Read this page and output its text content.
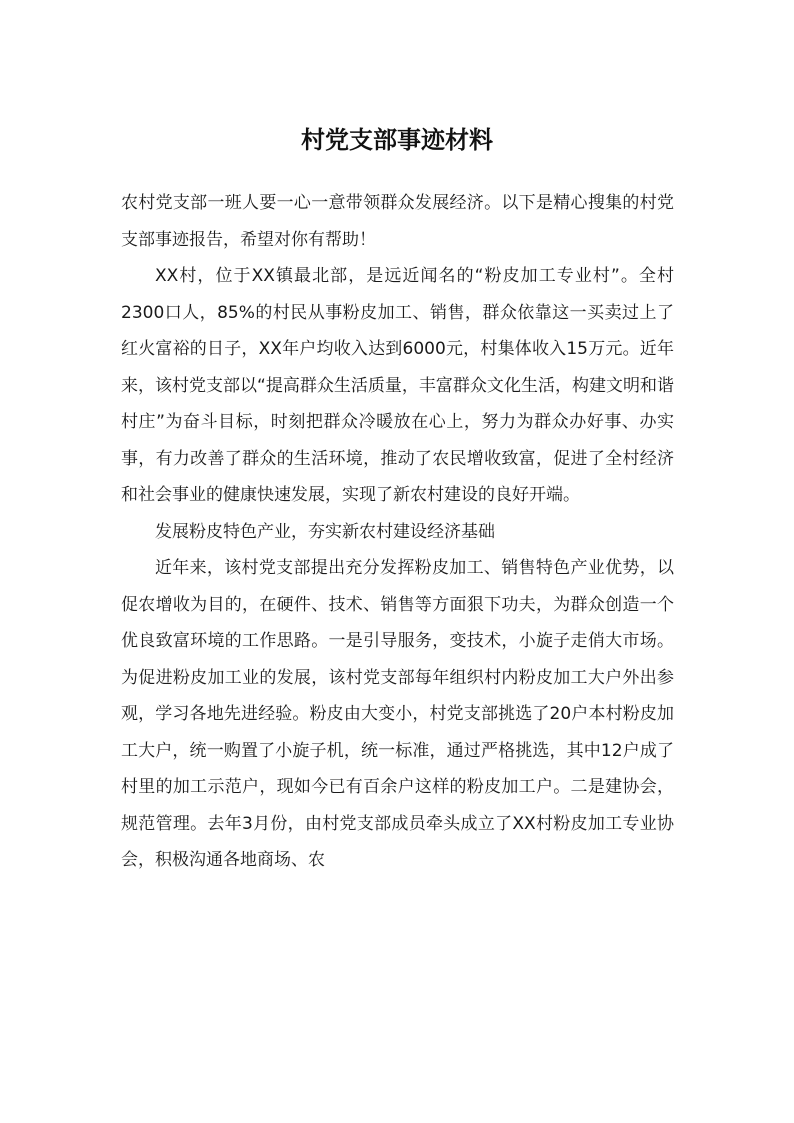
村党支部事迹材料

农村党支部一班人要一心一意带领群众发展经济。以下是精心搜集的村党支部事迹报告，希望对你有帮助！

XX村，位于XX镇最北部，是远近闻名的“粉皮加工专业村”。全村2300口人，85%的村民从事粉皮加工、销售，群众依靠这一买卖过上了红火富裕的日子，XX年户均收入达到6000元，村集体收入15万元。近年来，该村党支部以“提高群众生活质量，丰富群众文化生活，构建文明和谐村庄”为奋斗目标，时刻把群众冷暖放在心上，努力为群众办好事、办实事，有力改善了群众的生活环境，推动了农民增收致富，促进了全村经济和社会事业的健康快速发展，实现了新农村建设的良好开端。

发展粉皮特色产业，夯实新农村建设经济基础

近年来，该村党支部提出充分发挥粉皮加工、销售特色产业优势，以促农增收为目的，在硬件、技术、销售等方面狠下功夫，为群众创造一个优良致富环境的工作思路。一是引导服务，变技术，小旋子走俏大市场。为促进粉皮加工业的发展，该村党支部每年组织村内粉皮加工大户外出参观，学习各地先进经验。粉皮由大变小，村党支部挑选了20户本村粉皮加工大户，统一购置了小旋子机，统一标准，通过严格挑选，其中12户成了村里的加工示范户，现如今已有百余户这样的粉皮加工户。二是建协会，规范管理。去年3月份，由村党支部成员牵头成立了XX村粉皮加工专业协会，积极沟通各地商场、农
